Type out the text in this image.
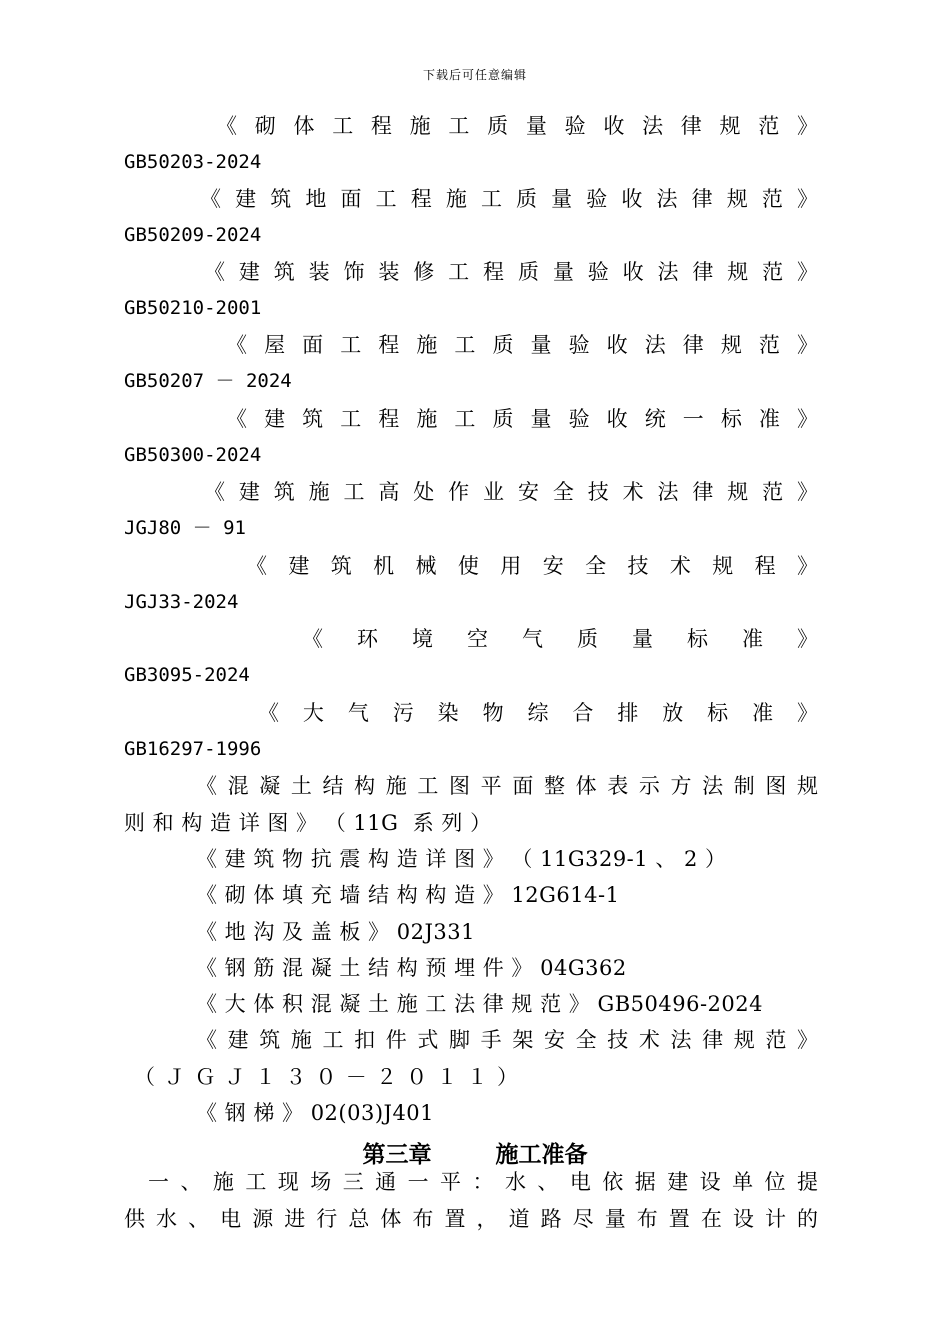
下载后可任意编辑
《砌体工程施工质量验收法律规范》
GB50203-2024
《建筑地面工程施工质量验收法律规范》
GB50209-2024
《建筑装饰装修工程质量验收法律规范》
GB50210-2001
《屋面工程施工质量验收法律规范》
GB50207 － 2024
《建筑工程施工质量验收统一标准》
GB50300-2024
《建筑施工高处作业安全技术法律规范》
JGJ80 － 91
《建筑机械使用安全技术规程》
JGJ33-2024
《环境空气质量标准》
GB3095-2024
《大气污染物综合排放标准》
GB16297-1996
《混凝土结构施工图平面整体表示方法制图规
则 和 构 造 详 图 》 （ 11G  系 列 ）
《 建 筑 物 抗 震 构 造 详 图 》 （ 11G329-1 、 2 ）
《 砌 体 填 充 墙 结 构 构 造 》 12G614-1
《 地 沟 及 盖 板 》 02J331
《 钢 筋 混 凝 土 结 构 预 埋 件 》 04G362
《 大 体 积 混 凝 土 施 工 法 律 规 范 》 GB50496-2024
《建筑施工扣件式脚手架安全技术法律规范》
（ＪＧＪ１３０－２０１１）
《 钢 梯 》 02(03)J401
第三章        施工准备
一、施工现场三通一平：水、电依据建设单位提
供水、电源进行总体布置，道路尽量布置在设计的
